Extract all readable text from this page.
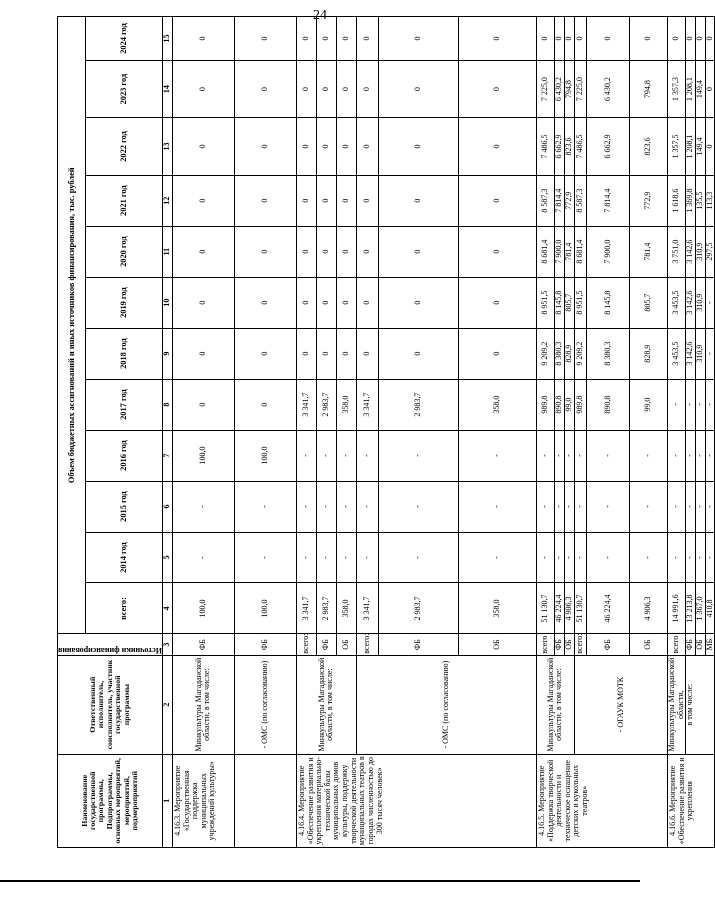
24
Наименование государственной программы, Подпрограммы, основных мероприятий, мероприятий, подмероприятий	Ответственный исполнитель, соисполнитель, участник государственной программы	Источники финансирования	Объем бюджетных ассигнований и иных источников финансирования, тыс. рублей											
			всего:	2014 год	2015 год	2016 год	2017 год	2018 год	2019 год	2020 год	2021 год	2022 год	2023 год	2024 год
1	2	3	4	5	6	7	8	9	10	11	12	13	14	15
4.16.3. Мероприятие «Государственная поддержка муниципальных учреждений культуры»	Минкультуры Магаданской области, в том числе:	ФБ	100,0	-	-	100,0	0	0	0	0	0	0	0	0
	- ОМС (по согласованию)	ФБ	100,0	-	-	100,0	0	0	0	0	0	0	0	0
4.16.4. Мероприятие «Обеспечение развития и укрепления материально-технической базы муниципальных домов культуры, поддержку творческой деятельности муниципальных театров в городах численностью до 300 тысяч человек»	Минкультуры Магаданской области, в том числе:	всего:	3 341,7	-	-	-	3 341,7	0	0	0	0	0	0	0
		ФБ	2 983,7	-	-	-	2 983,7	0	0	0	0	0	0	0
		ОБ	358,0	-	-	-	358,0	0	0	0	0	0	0	0
	- ОМС (по согласованию)	всего:	3 341,7	-	-	-	3 341,7	0	0	0	0	0	0	0
		ФБ	2 983,7	-	-	-	2 983,7	0	0	0	0	0	0	0
		ОБ	358,0	-	-	-	358,0	0	0	0	0	0	0	0
4.16.5. Мероприятие «Поддержка творческой деятельности и техническое оснащение детских и кукольных театров»	Минкультуры Магаданской области, в том числе:	всего	51 130,7	-	-	-	989,8	9 209,2	8 951,5	8 681,4	8 587,3	7 486,5	7 225,0	0
		ФБ	46 224,4	-	-	-	890,8	8 380,3	8 145,8	7 900,0	7 814,4	6 662,9	6 430,2	0
		ОБ	4 906,3	-	-	-	99,0	828,9	805,7	781,4	772,9	823,6	794,8	0
	- ОГАУК МОТК	всего:	51 130,7	-	-	-	989,8	9 209,2	8 951,5	8 681,4	8 587,3	7 486,5	7 225,0	0
		ФБ	46 224,4	-	-	-	890,8	8 380,3	8 145,8	7 900,0	7 814,4	6 662,9	6 430,2	0
		ОБ	4 906,3	-	-	-	99,0	828,9	805,7	781,4	772,9	823,6	794,8	0
4.16.6. Мероприятие «Обеспечение развития и укрепления	Минкультуры Магаданской области,	всего	14 991,6	-	-	-	-	3 453,5	3 453,5	3 751,0	1 618,6	1 357,5	1 357,3	0
	в том числе:	ФБ	13 213,8	-	-	-	-	3 142,6	3 142,6	3 142,6	1 369,8	1 208,1	1 208,1	0
		ОБ	1 367,0	-	-	-	-	310,9	310,9	310,9	135,5	149,4	149,4	0
		МБ	410,8	-	-	-	-	-	-	297,5	113,3	0	0	0
